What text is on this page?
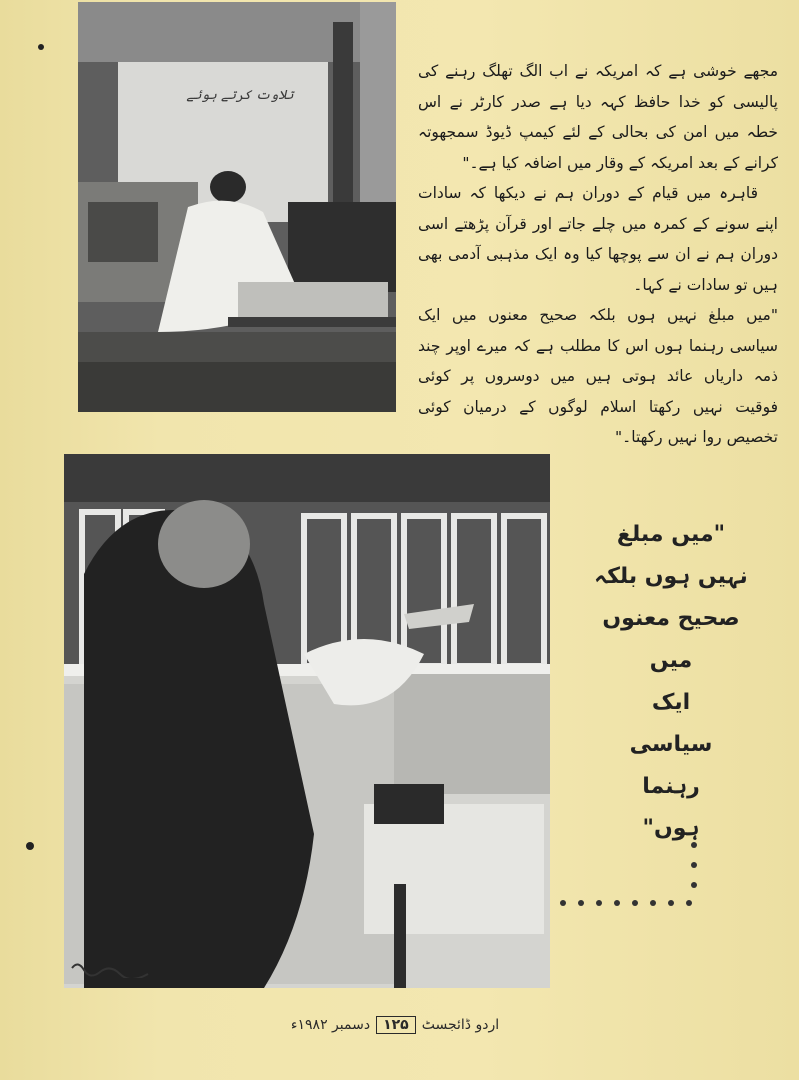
تلاوت کرتے ہوئے

مجھے خوشی ہے کہ امریکہ نے اب الگ تھلگ رہنے کی پالیسی کو خدا حافظ کہہ دیا ہے صدر کارٹر نے اس خطہ میں امن کی بحالی کے لئے کیمپ ڈیوڈ سمجھوتہ کرانے کے بعد امریکہ کے وقار میں اضافہ کیا ہے۔"

قاہرہ میں قیام کے دوران ہم نے دیکھا کہ سادات اپنے سونے کے کمرہ میں چلے جاتے اور قرآن پڑھتے اسی دوران ہم نے ان سے پوچھا کیا وہ ایک مذہبی آدمی بھی ہیں تو سادات نے کہا۔

"میں مبلغ نہیں ہوں بلکہ صحیح معنوں میں ایک سیاسی رہنما ہوں اس کا مطلب ہے کہ میرے اوپر چند ذمہ داریاں عائد ہوتی ہیں میں دوسروں پر کوئی فوقیت نہیں رکھتا اسلام لوگوں کے درمیان کوئی تخصیص روا نہیں رکھتا۔"

"میں مبلغ
نہیں ہوں بلکہ
صحیح معنوں
میں
ایک
سیاسی
رہنما
ہوں"
اردو ڈائجسٹ
۱۲۵
دسمبر ۱۹۸۲ء
